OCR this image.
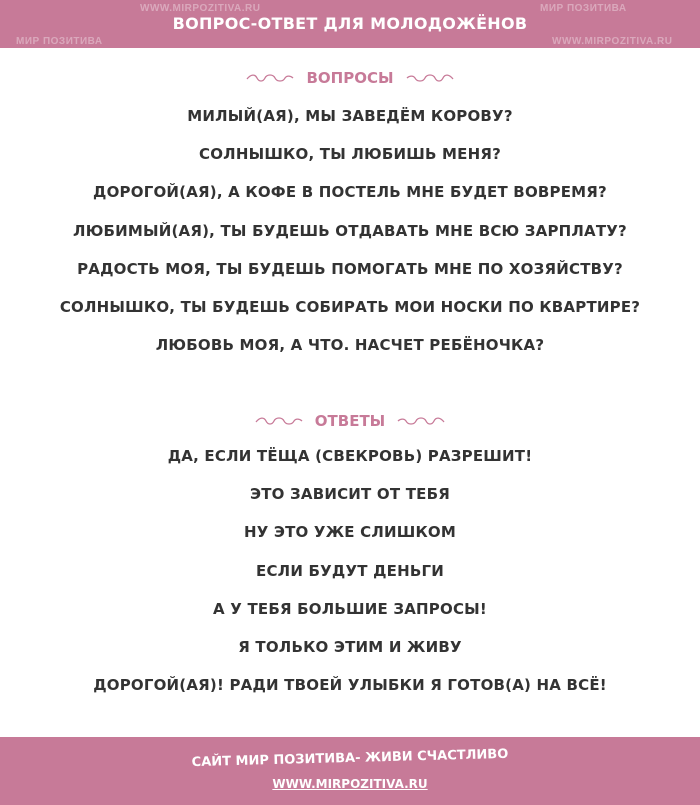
WWW.MIRPOZITIVA.RU
МИР ПОЗИТИВА
МИР ПОЗИТИВА
WWW.MIRPOZITIVA.RU
ВОПРОС-ОТВЕТ ДЛЯ МОЛОДОЖЁНОВ
ВОПРОСЫ
МИЛЫЙ(АЯ), МЫ ЗАВЕДЁМ КОРОВУ?
СОЛНЫШКО, ТЫ ЛЮБИШЬ МЕНЯ?
ДОРОГОЙ(АЯ), А КОФЕ В ПОСТЕЛЬ МНЕ БУДЕТ ВОВРЕМЯ?
ЛЮБИМЫЙ(АЯ), ТЫ БУДЕШЬ ОТДАВАТЬ МНЕ ВСЮ ЗАРПЛАТУ?
РАДОСТЬ МОЯ, ТЫ БУДЕШЬ ПОМОГАТЬ МНЕ ПО ХОЗЯЙСТВУ?
СОЛНЫШКО, ТЫ БУДЕШЬ СОБИРАТЬ МОИ НОСКИ ПО КВАРТИРЕ?
ЛЮБОВЬ МОЯ, А ЧТО. НАСЧЕТ РЕБЁНОЧКА?
ОТВЕТЫ
ДА, ЕСЛИ ТЁЩА (СВЕКРОВЬ) РАЗРЕШИТ!
ЭТО ЗАВИСИТ ОТ ТЕБЯ
НУ ЭТО УЖЕ СЛИШКОМ
ЕСЛИ БУДУТ ДЕНЬГИ
А У ТЕБЯ БОЛЬШИЕ ЗАПРОСЫ!
Я ТОЛЬКО ЭТИМ И ЖИВУ
ДОРОГОЙ(АЯ)! РАДИ ТВОЕЙ УЛЫБКИ Я ГОТОВ(А) НА ВСЁ!
САЙТ МИР ПОЗИТИВА- ЖИВИ СЧАСТЛИВО
WWW.MIRPOZITIVA.RU
